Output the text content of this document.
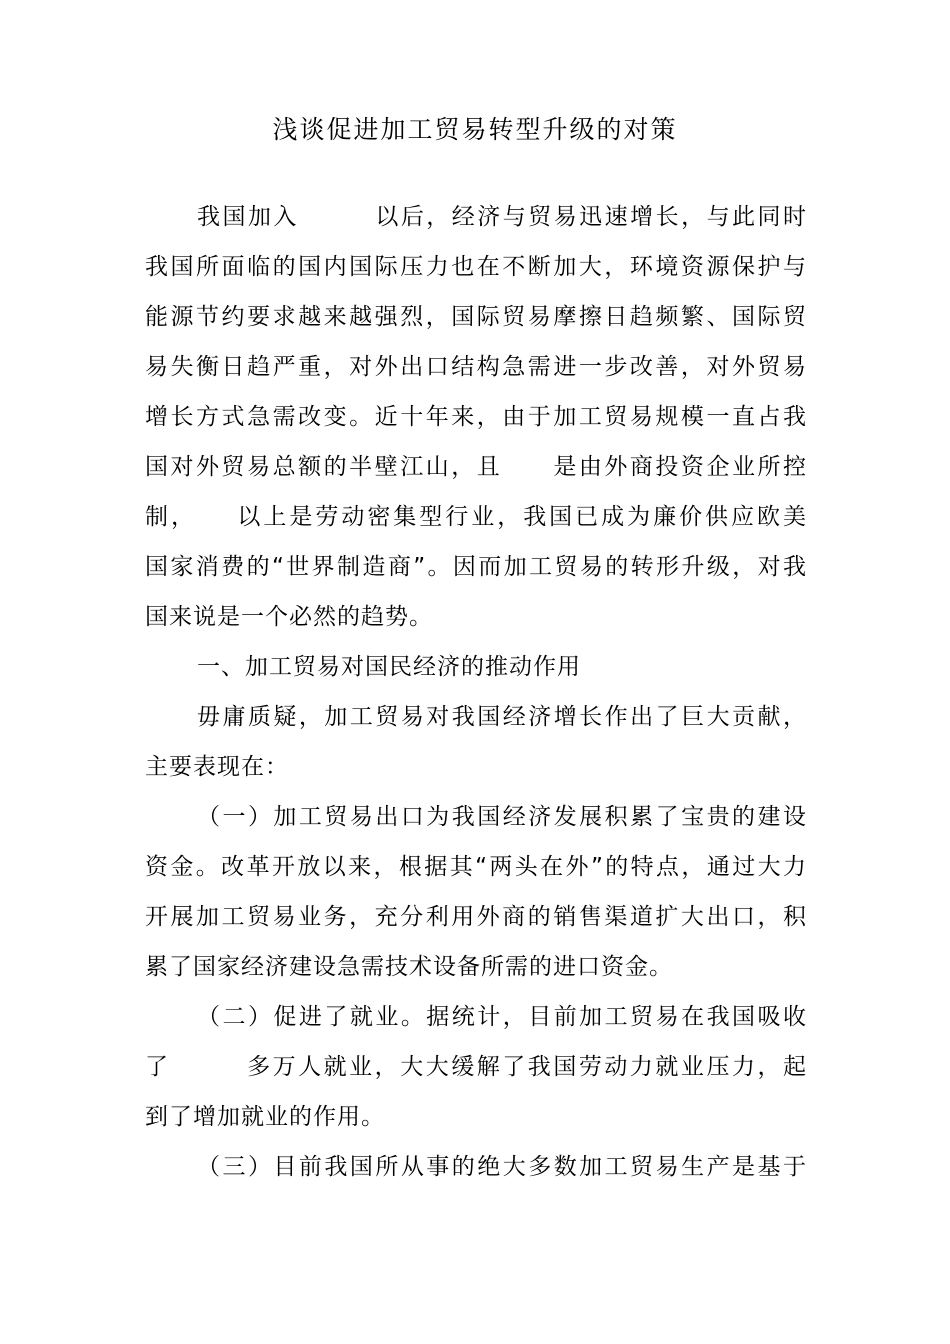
浅谈促进加工贸易转型升级的对策
我国加入　　　以后，经济与贸易迅速增长，与此同时
我国所面临的国内国际压力也在不断加大，环境资源保护与
能源节约要求越来越强烈，国际贸易摩擦日趋频繁、国际贸
易失衡日趋严重，对外出口结构急需进一步改善，对外贸易
增长方式急需改变。近十年来，由于加工贸易规模一直占我
国对外贸易总额的半壁江山，且　　是由外商投资企业所控
制，　　以上是劳动密集型行业，我国已成为廉价供应欧美
国家消费的“世界制造商”。因而加工贸易的转形升级，对我
国来说是一个必然的趋势。
一、加工贸易对国民经济的推动作用
毋庸质疑，加工贸易对我国经济增长作出了巨大贡献，
主要表现在：
（一）加工贸易出口为我国经济发展积累了宝贵的建设
资金。改革开放以来，根据其“两头在外”的特点，通过大力
开展加工贸易业务，充分利用外商的销售渠道扩大出口，积
累了国家经济建设急需技术设备所需的进口资金。
（二）促进了就业。据统计，目前加工贸易在我国吸收
了　　　多万人就业，大大缓解了我国劳动力就业压力，起
到了增加就业的作用。
（三）目前我国所从事的绝大多数加工贸易生产是基于
